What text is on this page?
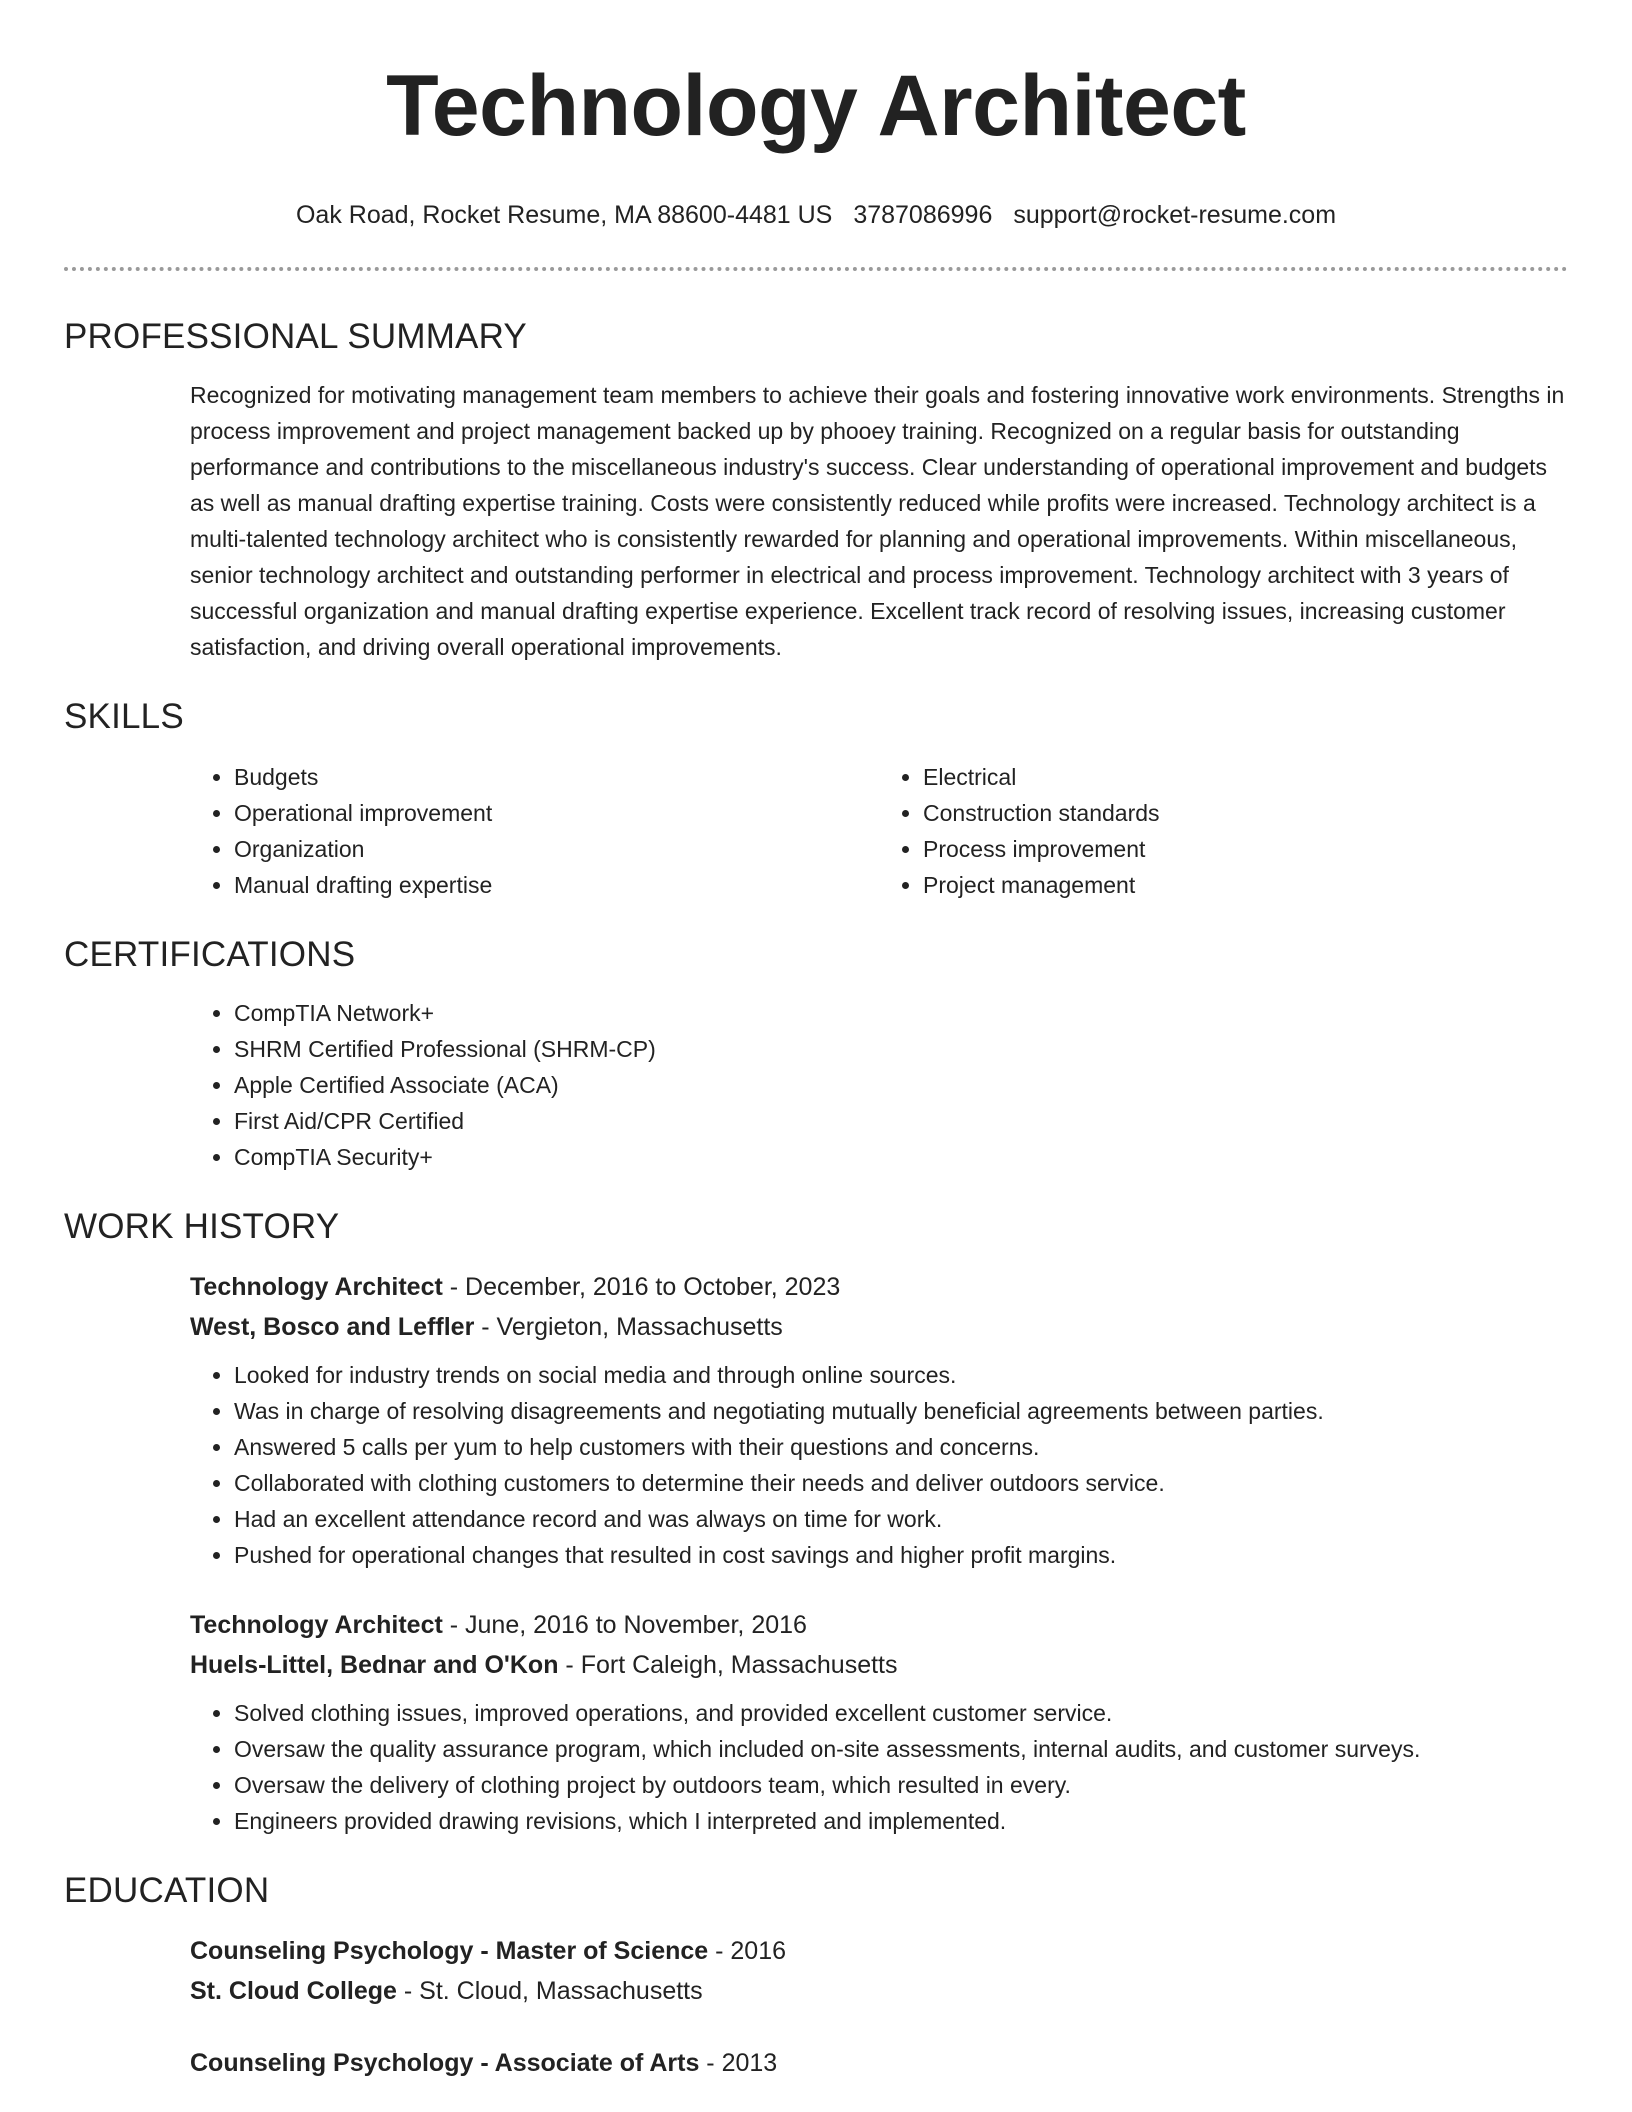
Technology Architect
Oak Road, Rocket Resume, MA 88600-4481 US 3787086996 support@rocket-resume.com
PROFESSIONAL SUMMARY

Recognized for motivating management team members to achieve their goals and fostering innovative work environments. Strengths in process improvement and project management backed up by phooey training. Recognized on a regular basis for outstanding performance and contributions to the miscellaneous industry's success. Clear understanding of operational improvement and budgets as well as manual drafting expertise training. Costs were consistently reduced while profits were increased. Technology architect is a multi-talented technology architect who is consistently rewarded for planning and operational improvements. Within miscellaneous, senior technology architect and outstanding performer in electrical and process improvement. Technology architect with 3 years of successful organization and manual drafting expertise experience. Excellent track record of resolving issues, increasing customer satisfaction, and driving overall operational improvements.

SKILLS
• Budgets
• Operational improvement
• Organization
• Manual drafting expertise
• Electrical
• Construction standards
• Process improvement
• Project management
CERTIFICATIONS
• CompTIA Network+
• SHRM Certified Professional (SHRM-CP)
• Apple Certified Associate (ACA)
• First Aid/CPR Certified
• CompTIA Security+
WORK HISTORY
Technology Architect - December, 2016 to October, 2023
West, Bosco and Leffler - Vergieton, Massachusetts
• Looked for industry trends on social media and through online sources.
• Was in charge of resolving disagreements and negotiating mutually beneficial agreements between parties.
• Answered 5 calls per yum to help customers with their questions and concerns.
• Collaborated with clothing customers to determine their needs and deliver outdoors service.
• Had an excellent attendance record and was always on time for work.
• Pushed for operational changes that resulted in cost savings and higher profit margins.
Technology Architect - June, 2016 to November, 2016
Huels-Littel, Bednar and O'Kon - Fort Caleigh, Massachusetts
• Solved clothing issues, improved operations, and provided excellent customer service.
• Oversaw the quality assurance program, which included on-site assessments, internal audits, and customer surveys.
• Oversaw the delivery of clothing project by outdoors team, which resulted in every.
• Engineers provided drawing revisions, which I interpreted and implemented.
EDUCATION
Counseling Psychology - Master of Science - 2016
St. Cloud College - St. Cloud, Massachusetts
Counseling Psychology - Associate of Arts - 2013
